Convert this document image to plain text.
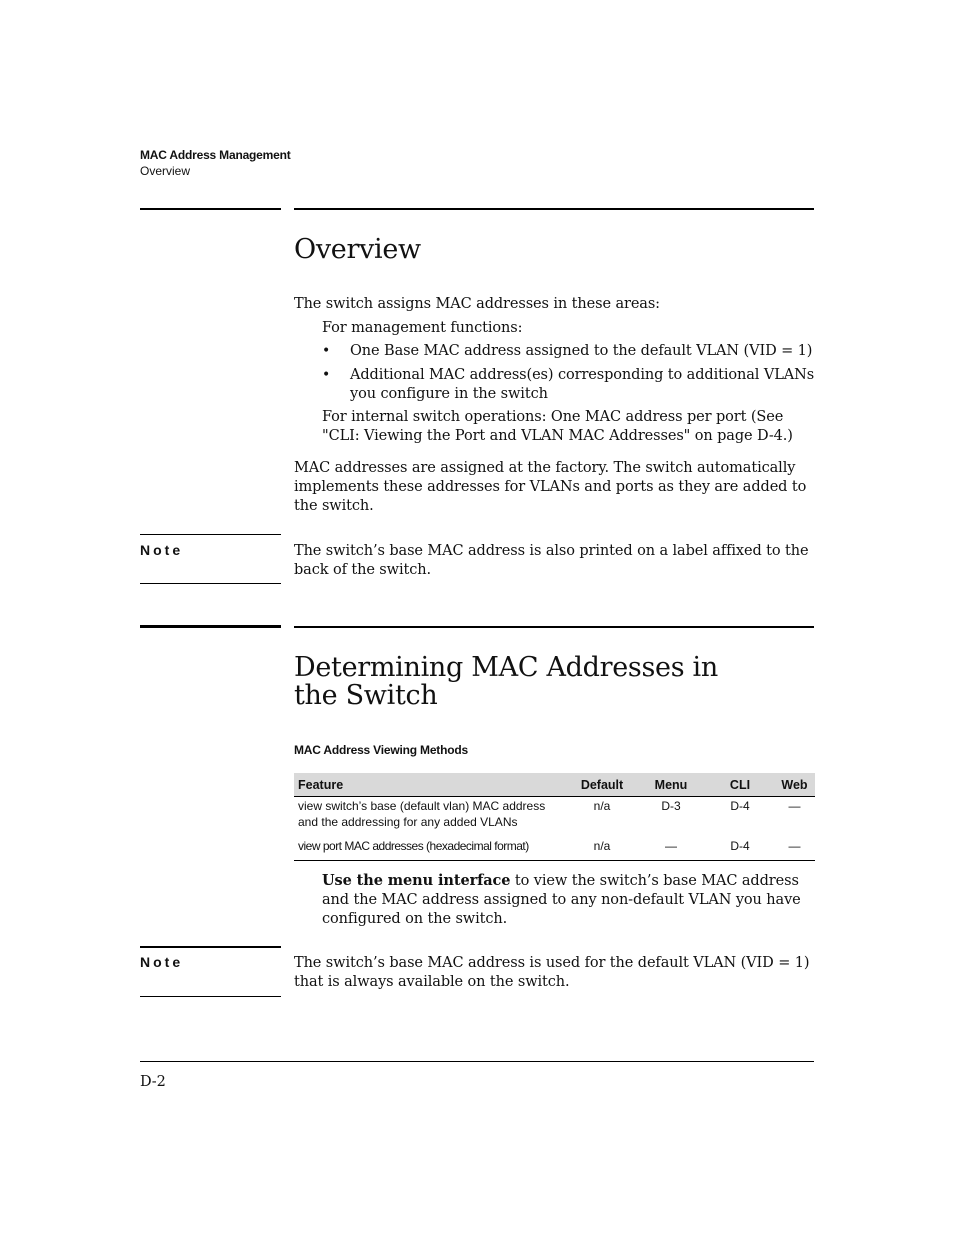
MAC Address Management
Overview
Overview
The switch assigns MAC addresses in these areas:
For management functions:
• One Base MAC address assigned to the default VLAN (VID = 1)
• Additional MAC address(es) corresponding to additional VLANs you configure in the switch
For internal switch operations: One MAC address per port (See "CLI: Viewing the Port and VLAN MAC Addresses" on page D-4.)
MAC addresses are assigned at the factory. The switch automatically implements these addresses for VLANs and ports as they are added to the switch.
Note	The switch’s base MAC address is also printed on a label affixed to the back of the switch.
Determining MAC Addresses in the Switch
MAC Address Viewing Methods
Feature	Default	Menu	CLI	Web
view switch’s base (default vlan) MAC address and the addressing for any added VLANs	n/a	D-3	D-4	—
view port MAC addresses (hexadecimal format)	n/a	—	D-4	—
Use the menu interface to view the switch’s base MAC address and the MAC address assigned to any non-default VLAN you have configured on the switch.
Note	The switch’s base MAC address is used for the default VLAN (VID = 1) that is always available on the switch.
D-2
